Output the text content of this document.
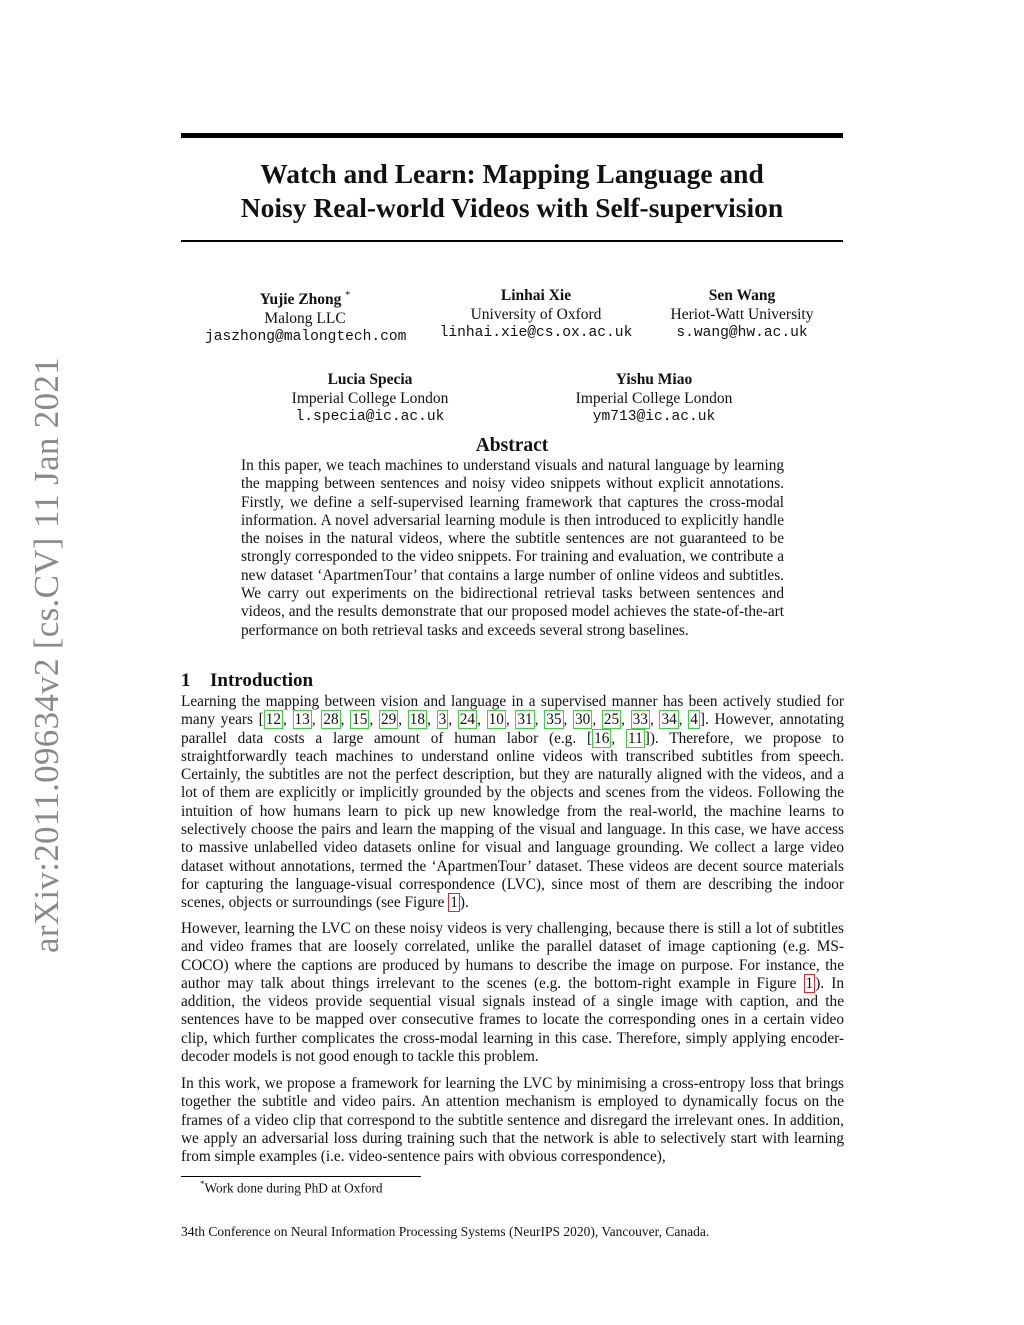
arXiv:2011.09634v2 [cs.CV] 11 Jan 2021
Watch and Learn: Mapping Language and
Noisy Real-world Videos with Self-supervision
Yujie Zhong *
Malong LLC
jaszhong@malongtech.com
Linhai Xie
University of Oxford
linhai.xie@cs.ox.ac.uk
Sen Wang
Heriot-Watt University
s.wang@hw.ac.uk
Lucia Specia
Imperial College London
l.specia@ic.ac.uk
Yishu Miao
Imperial College London
ym713@ic.ac.uk
Abstract
In this paper, we teach machines to understand visuals and natural language by learning the mapping between sentences and noisy video snippets without explicit annotations. Firstly, we define a self-supervised learning framework that captures the cross-modal information. A novel adversarial learning module is then introduced to explicitly handle the noises in the natural videos, where the subtitle sentences are not guaranteed to be strongly corresponded to the video snippets. For training and evaluation, we contribute a new dataset ‘ApartmenTour’ that contains a large number of online videos and subtitles. We carry out experiments on the bidirectional retrieval tasks between sentences and videos, and the results demonstrate that our proposed model achieves the state-of-the-art performance on both retrieval tasks and exceeds several strong baselines.
1 Introduction
Learning the mapping between vision and language in a supervised manner has been actively studied for many years [ 12 , 13 , 28 , 15 , 29 , 18 , 3 , 24 , 10 , 31 , 35 , 30 , 25 , 33 , 34 , 4 ]. However, annotating parallel data costs a large amount of human labor (e.g. [ 16 , 11 ]). Therefore, we propose to straightforwardly teach machines to understand online videos with transcribed subtitles from speech. Certainly, the subtitles are not the perfect description, but they are naturally aligned with the videos, and a lot of them are explicitly or implicitly grounded by the objects and scenes from the videos. Following the intuition of how humans learn to pick up new knowledge from the real-world, the machine learns to selectively choose the pairs and learn the mapping of the visual and language. In this case, we have access to massive unlabelled video datasets online for visual and language grounding. We collect a large video dataset without annotations, termed the ‘ApartmenTour’ dataset. These videos are decent source materials for capturing the language-visual correspondence (LVC), since most of them are describing the indoor scenes, objects or surroundings (see Figure 1 ).
However, learning the LVC on these noisy videos is very challenging, because there is still a lot of subtitles and video frames that are loosely correlated, unlike the parallel dataset of image captioning (e.g. MS-COCO) where the captions are produced by humans to describe the image on purpose. For instance, the author may talk about things irrelevant to the scenes (e.g. the bottom-right example in Figure 1 ). In addition, the videos provide sequential visual signals instead of a single image with caption, and the sentences have to be mapped over consecutive frames to locate the corresponding ones in a certain video clip, which further complicates the cross-modal learning in this case. Therefore, simply applying encoder-decoder models is not good enough to tackle this problem.
In this work, we propose a framework for learning the LVC by minimising a cross-entropy loss that brings together the subtitle and video pairs. An attention mechanism is employed to dynamically focus on the frames of a video clip that correspond to the subtitle sentence and disregard the irrelevant ones. In addition, we apply an adversarial loss during training such that the network is able to selectively start with learning from simple examples (i.e. video-sentence pairs with obvious correspondence),
*Work done during PhD at Oxford
34th Conference on Neural Information Processing Systems (NeurIPS 2020), Vancouver, Canada.
